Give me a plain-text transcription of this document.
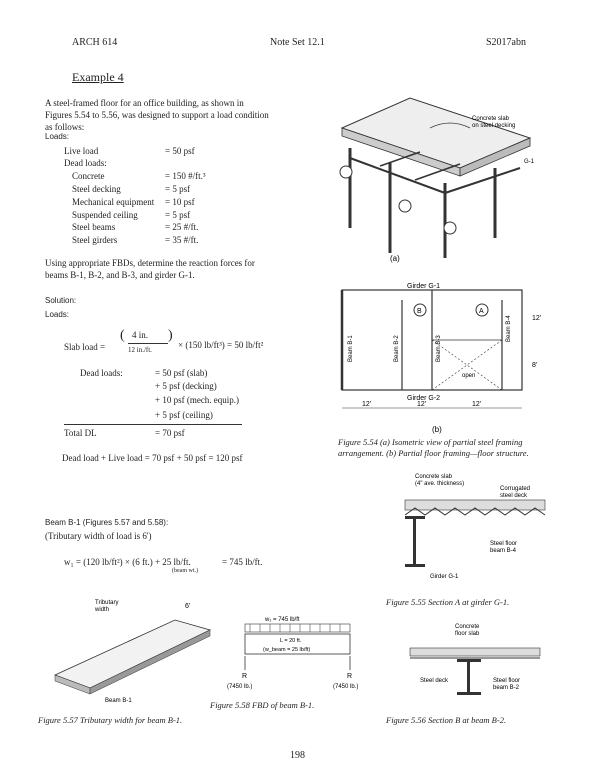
ARCH 614	Note Set 12.1	S2017abn
Example 4
A steel-framed floor for an office building, as shown in
Figures 5.54 to 5.56, was designed to support a load condition
as follows:
Loads:
Live load	= 50 psf
Dead loads:
Concrete	= 150 #/ft.³
Steel decking	= 5 psf
Mechanical equipment = 10 psf
Suspended ceiling	= 5 psf
Steel beams	= 25 #/ft.
Steel girders	= 35 #/ft.
Using appropriate FBDs, determine the reaction forces for
beams B-1, B-2, and B-3, and girder G-1.
Solution:
Loads:
Slab load =
( 4 in.
12 in./ft.
)
× (150 lb/ft³) = 50 lb/ft²
Dead loads:	= 50 psf (slab)
+ 5 psf (decking)
+ 10 psf (mech. equip.)
+ 5 psf (ceiling)
Total DL	= 70 psf
Dead load + Live load = 70 psf + 50 psf = 120 psf
Beam B-1 (Figures 5.57 and 5.58):
(Tributary width of load is 6')
w₁ = (120 lb/ft²) × (6 ft.) + 25 lb/ft.
(beam wt.)
= 745 lb/ft.
Concrete slab
on steel decking
G-1
(a)
B	A
Girder G-1
Girder G-2
open
Beam B-1	Beam B-2	Beam B-3
Beam B-4
12'	12'	12'
12'
8'
(b)
Figure 5.54 (a) Isometric view of partial steel framing arrangement. (b) Partial floor framing—floor structure.
Concrete slab
(4" ave. thickness)
Corrugated
steel deck
Steel floor
beam B-4
Girder G-1
Figure 5.55 Section A at girder G-1.
Concrete
floor slab
Steel deck	Steel floor
beam B-2
Figure 5.56 Section B at beam B-2.
Tributary
width	6'
Beam B-1
Figure 5.57 Tributary width for beam B-1.
w₁ = 745 lb/ft
L = 20 ft.
(w_beam = 25 lb/ft)
R	R
(7450 lb.)	(7450 lb.)
Figure 5.58 FBD of beam B-1.
198
